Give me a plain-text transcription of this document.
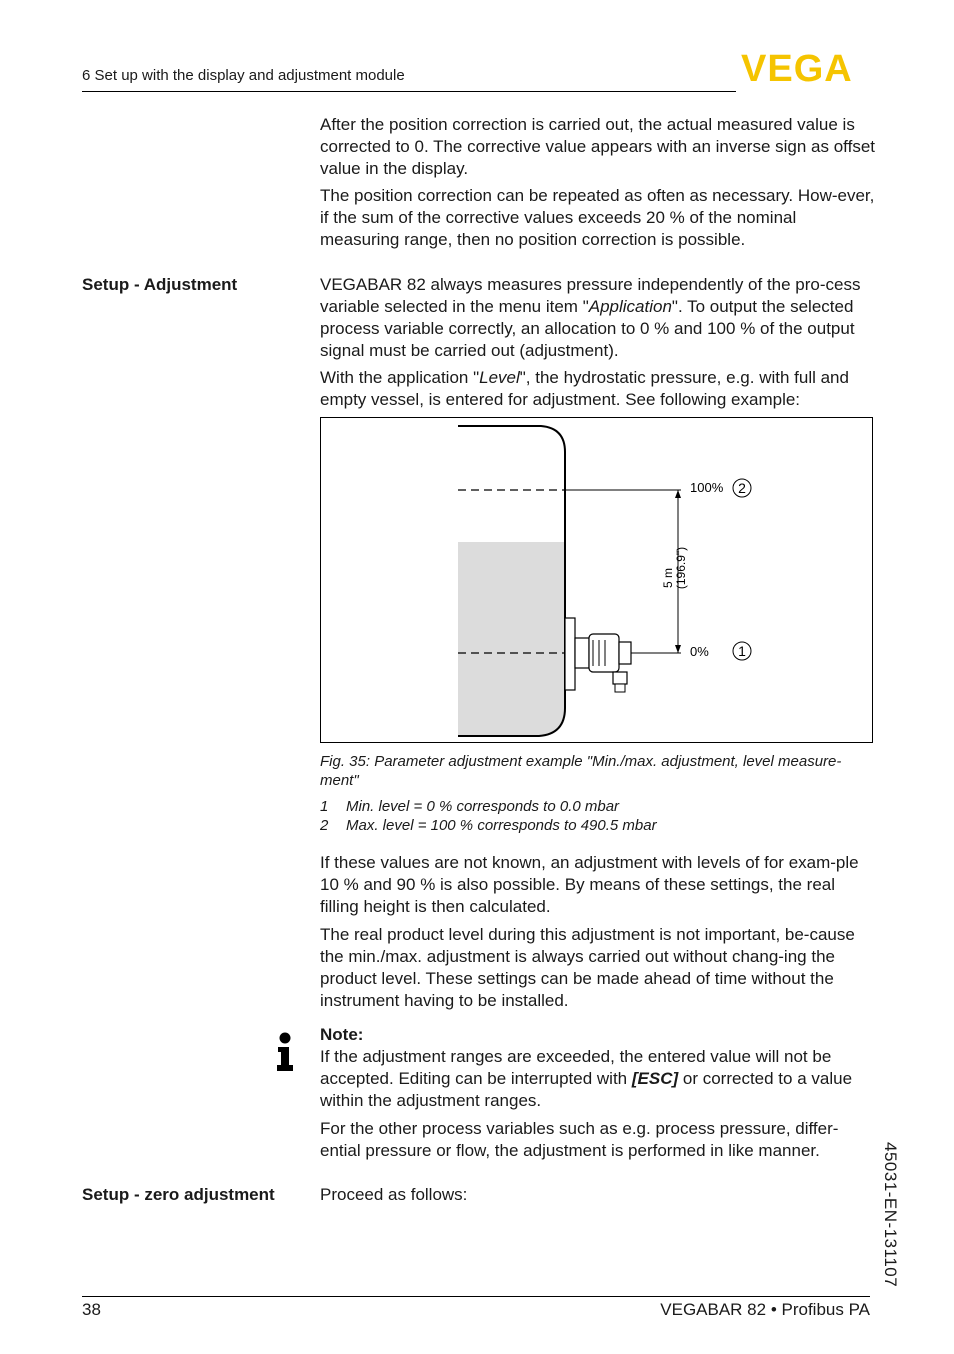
6 Set up with the display and adjustment module	VEGA

After the position correction is carried out, the actual measured value is corrected to 0. The corrective value appears with an inverse sign as offset value in the display.

The position correction can be repeated as often as necessary. How-ever, if the sum of the corrective values exceeds 20 % of the nominal measuring range, then no position correction is possible.

Setup - Adjustment	VEGABAR 82 always measures pressure independently of the pro-cess variable selected in the menu item "Application". To output the selected process variable correctly, an allocation to 0 % and 100 % of the output signal must be carried out (adjustment).

With the application "Level", the hydrostatic pressure, e.g. with full and empty vessel, is entered for adjustment. See following example:

100% 2
0% 1
5 m (196.9")
Fig. 35: Parameter adjustment example "Min./max. adjustment, level measure-ment"
1 Min. level = 0 % corresponds to 0.0 mbar
2 Max. level = 100 % corresponds to 490.5 mbar

If these values are not known, an adjustment with levels of for exam-ple 10 % and 90 % is also possible. By means of these settings, the real filling height is then calculated.

The real product level during this adjustment is not important, be-cause the min./max. adjustment is always carried out without chang-ing the product level. These settings can be made ahead of time without the instrument having to be installed.

Note:

If the adjustment ranges are exceeded, the entered value will not be accepted. Editing can be interrupted with [ESC] or corrected to a value within the adjustment ranges.

For the other process variables such as e.g. process pressure, differ-ential pressure or flow, the adjustment is performed in like manner.

Setup - zero adjustment	Proceed as follows:	45031-EN-131107
38	VEGABAR 82 • Profibus PA
